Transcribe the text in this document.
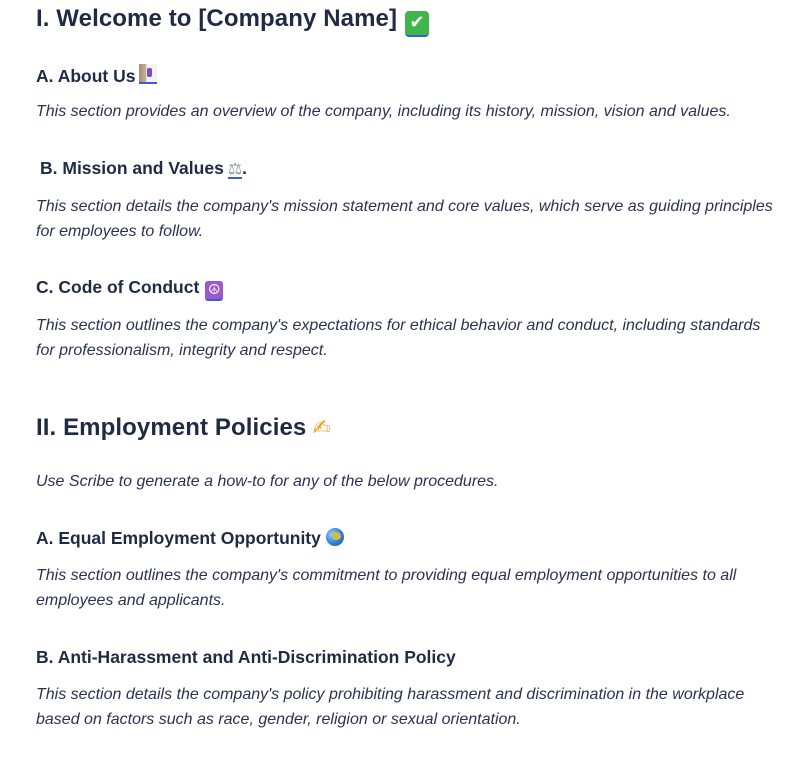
I. Welcome to [Company Name] ✔
A. About Us

This section provides an overview of the company, including its history, mission, vision and values.

B. Mission and Values ⚖.

This section details the company's mission statement and core values, which serve as guiding principles for employees to follow.

C. Code of Conduct ☮

This section outlines the company's expectations for ethical behavior and conduct, including standards for professionalism, integrity and respect.

II. Employment Policies ✍

Use Scribe to generate a how-to for any of the below procedures.

A. Equal Employment Opportunity

This section outlines the company's commitment to providing equal employment opportunities to all employees and applicants.

B. Anti-Harassment and Anti-Discrimination Policy

This section details the company's policy prohibiting harassment and discrimination in the workplace based on factors such as race, gender, religion or sexual orientation.
